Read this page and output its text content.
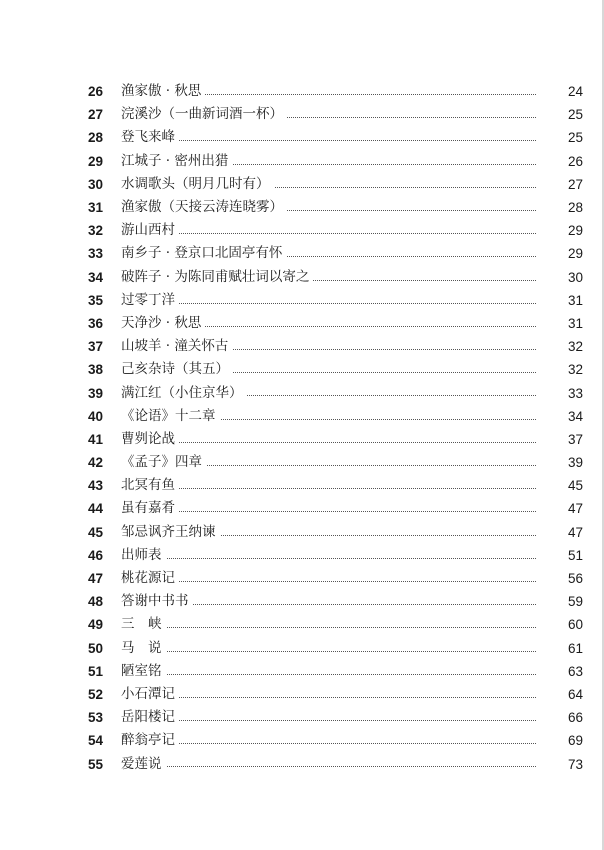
26	渔家傲 · 秋思	24
27	浣溪沙（一曲新词酒一杯）	25
28	登飞来峰	25
29	江城子 · 密州出猎	26
30	水调歌头（明月几时有）	27
31	渔家傲（天接云涛连晓雾）	28
32	游山西村	29
33	南乡子 · 登京口北固亭有怀	29
34	破阵子 · 为陈同甫赋壮词以寄之	30
35	过零丁洋	31
36	天净沙 · 秋思	31
37	山坡羊 · 潼关怀古	32
38	己亥杂诗（其五）	32
39	满江红（小住京华）	33
40	《论语》十二章	34
41	曹刿论战	37
42	《孟子》四章	39
43	北冥有鱼	45
44	虽有嘉肴	47
45	邹忌讽齐王纳谏	47
46	出师表	51
47	桃花源记	56
48	答谢中书书	59
49	三　峡	60
50	马　说	61
51	陋室铭	63
52	小石潭记	64
53	岳阳楼记	66
54	醉翁亭记	69
55	爱莲说	73
